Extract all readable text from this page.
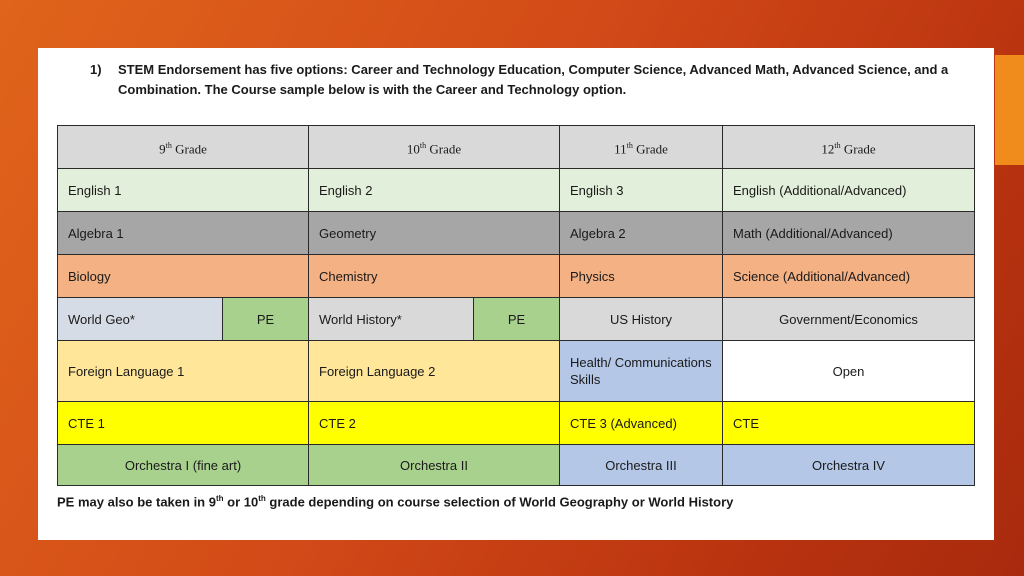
1) STEM Endorsement has five options: Career and Technology Education, Computer Science, Advanced Math, Advanced Science, and a Combination. The Course sample below is with the Career and Technology option.
9th Grade		10th Grade		11th Grade	12th Grade
English 1		English 2		English 3	English (Additional/Advanced)
Algebra 1		Geometry		Algebra 2	Math (Additional/Advanced)
Biology		Chemistry		Physics	Science (Additional/Advanced)
World Geo*	PE	World History*	PE	US History	Government/Economics
Foreign Language 1		Foreign Language 2		Health/ Communications Skills	Open
CTE 1		CTE 2		CTE 3 (Advanced)	CTE
Orchestra I (fine art)		Orchestra II		Orchestra III	Orchestra IV
PE may also be taken in 9th or 10th grade depending on course selection of World Geography or World History
